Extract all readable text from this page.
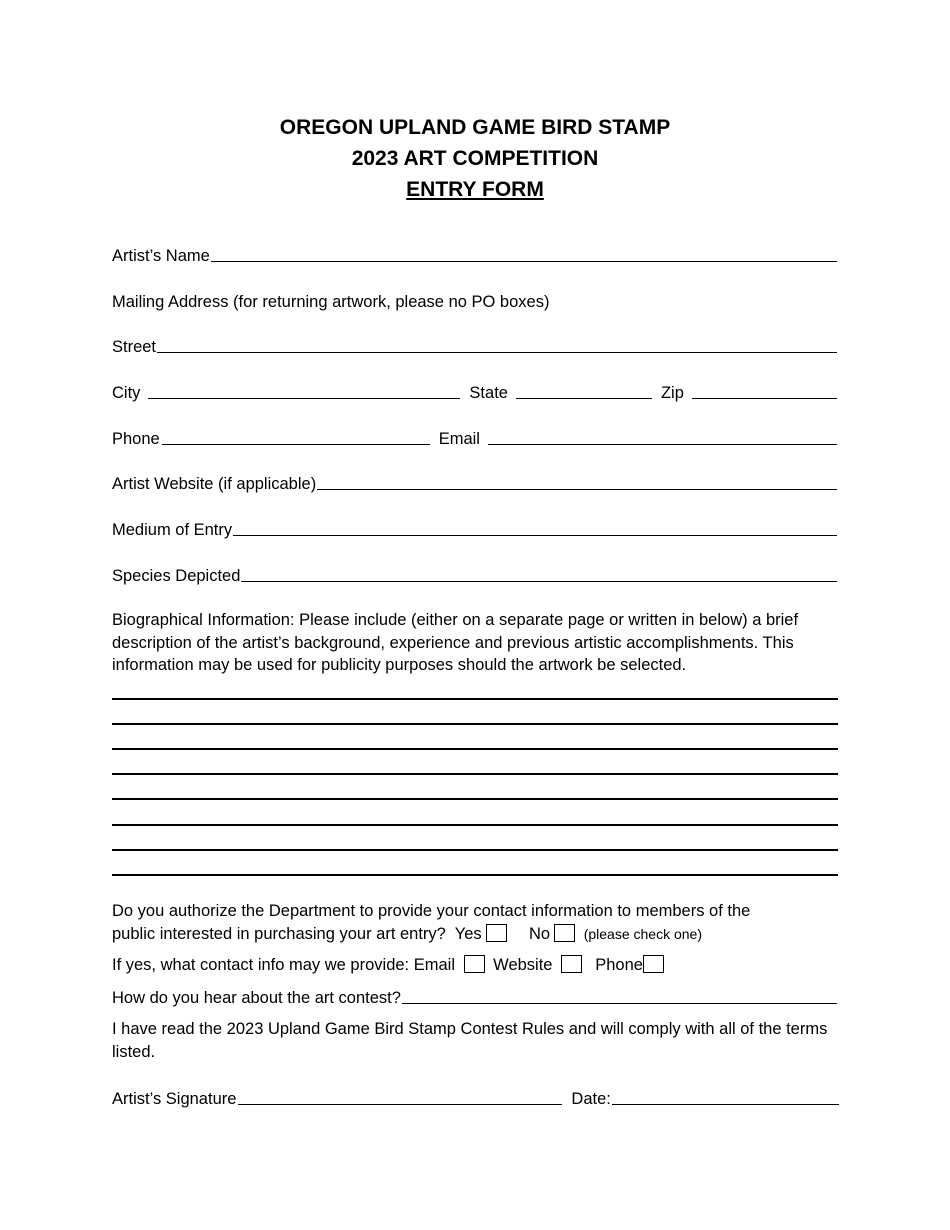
OREGON UPLAND GAME BIRD STAMP
2023 ART COMPETITION
ENTRY FORM
Artist’s Name
Mailing Address (for returning artwork, please no PO boxes)
Street
City	State	Zip
Phone	Email
Artist Website (if applicable)
Medium of Entry
Species Depicted
Biographical Information: Please include (either on a separate page or written in below) a brief description of the artist’s background, experience and previous artistic accomplishments. This information may be used for publicity purposes should the artwork be selected.
Do you authorize the Department to provide your contact information to members of the
public interested in purchasing your art entry? Yes	No (please check one)
If yes, what contact info may we provide: Email Website	Phone
How do you hear about the art contest?
I have read the 2023 Upland Game Bird Stamp Contest Rules and will comply with all of the terms listed.
Artist’s Signature	Date:
